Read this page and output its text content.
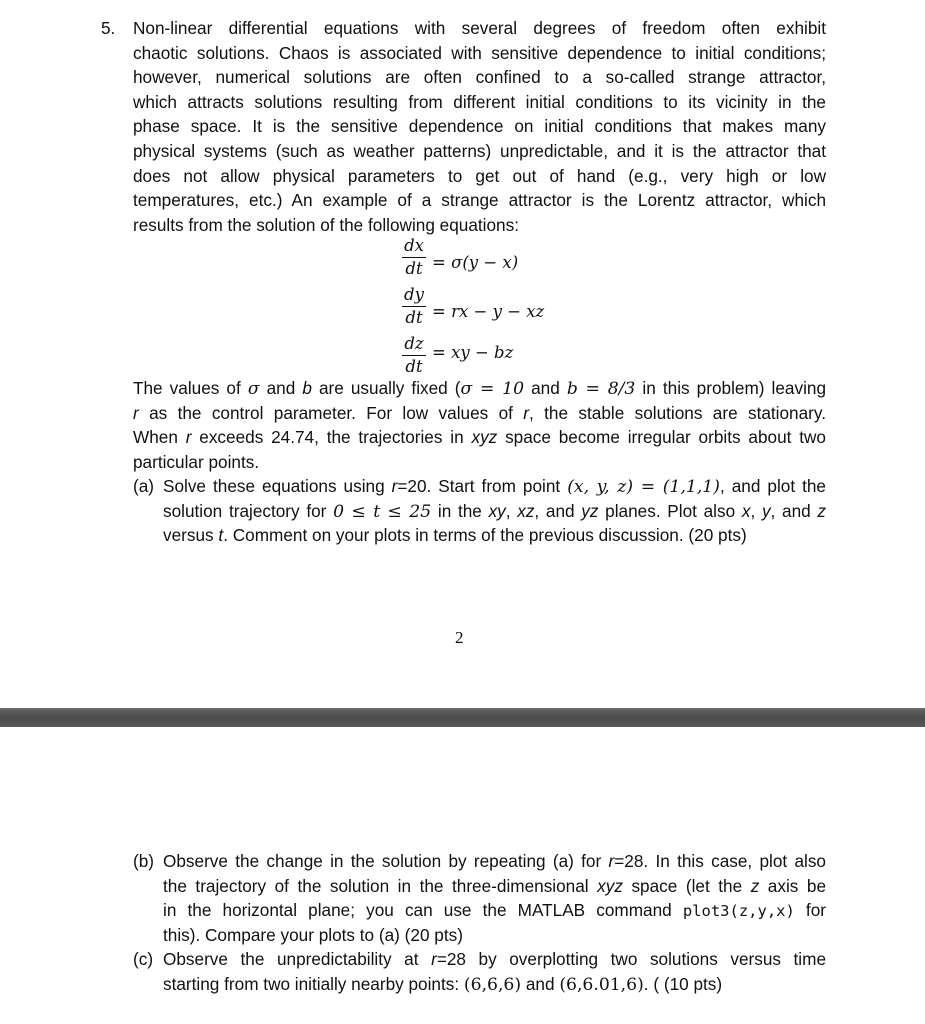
5. Non-linear differential equations with several degrees of freedom often exhibit
chaotic solutions. Chaos is associated with sensitive dependence to initial conditions;
however, numerical solutions are often confined to a so-called strange attractor,
which attracts solutions resulting from different initial conditions to its vicinity in the
phase space. It is the sensitive dependence on initial conditions that makes many
physical systems (such as weather patterns) unpredictable, and it is the attractor that
does not allow physical parameters to get out of hand (e.g., very high or low
temperatures, etc.) An example of a strange attractor is the Lorentz attractor, which
results from the solution of the following equations:
dx
dt = σ(y − x)
dy
dt = rx − y − xz
dz
dt
= xy − bz
The values of σ and b are usually fixed (σ = 10 and b = 8/3 in this problem) leaving
r as the control parameter. For low values of r, the stable solutions are stationary.
When r exceeds 24.74, the trajectories in xyz space become irregular orbits about two
particular points.
(a) Solve these equations using r=20. Start from point (x, y, z) = (1,1,1), and plot the
solution trajectory for 0 ≤ t ≤ 25 in the xy, xz, and yz planes. Plot also x, y, and z
versus t. Comment on your plots in terms of the previous discussion. (20 pts)
2
(b) Observe the change in the solution by repeating (a) for r=28. In this case, plot also
the trajectory of the solution in the three-dimensional xyz space (let the z axis be
in the horizontal plane; you can use the MATLAB command plot3(z,y,x) for
this). Compare your plots to (a) (20 pts)
(c) Observe the unpredictability at r=28 by overplotting two solutions versus time
starting from two initially nearby points: (6,6,6) and (6,6.01,6). ( (10 pts)
